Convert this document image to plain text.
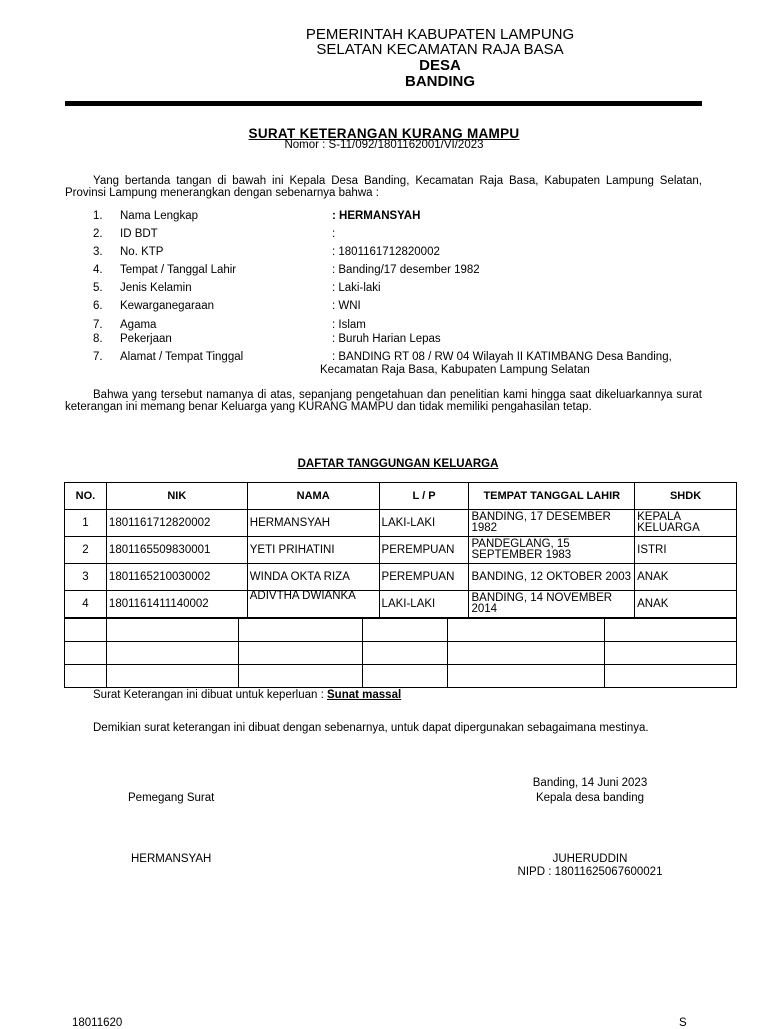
PEMERINTAH KABUPATEN LAMPUNG
SELATAN KECAMATAN RAJA BASA
DESA
BANDING
SURAT KETERANGAN KURANG MAMPU
Nomor : S-11/092/1801162001/VI/2023
Yang bertanda tangan di bawah ini Kepala Desa Banding, Kecamatan Raja Basa, Kabupaten Lampung Selatan, Provinsi Lampung menerangkan dengan sebenarnya bahwa :
1. Nama Lengkap	: HERMANSYAH
2. ID BDT	:
3. No. KTP	: 1801161712820002
4. Tempat / Tanggal Lahir	: Banding/17 desember 1982
5. Jenis Kelamin	: Laki-laki
6. Kewarganegaraan	: WNI
7. Agama	: Islam
8. Pekerjaan	: Buruh Harian Lepas
7. Alamat / Tempat Tinggal	: BANDING RT 08 / RW 04 Wilayah II KATIMBANG Desa Banding,
Kecamatan Raja Basa, Kabupaten Lampung Selatan
Bahwa yang tersebut namanya di atas, sepanjang pengetahuan dan penelitian kami hingga saat dikeluarkannya surat keterangan ini memang benar Keluarga yang KURANG MAMPU dan tidak memiliki pengahasilan tetap.
DAFTAR TANGGUNGAN KELUARGA
NO.	NIK	NAMA	L / P	TEMPAT TANGGAL LAHIR	SHDK
1	1801161712820002	HERMANSYAH	LAKI-LAKI	BANDING, 17 DESEMBER 1982	KEPALA KELUARGA
2	1801165509830001	YETI PRIHATINI	PEREMPUAN	PANDEGLANG, 15 SEPTEMBER 1983	ISTRI
3	1801165210030002	WINDA OKTA RIZA	PEREMPUAN	BANDING, 12 OKTOBER 2003	ANAK
4	1801161411140002	ADIVTHA DWIANKA	LAKI-LAKI	BANDING, 14 NOVEMBER 2014	ANAK

Surat Keterangan ini dibuat untuk keperluan : Sunat massal
Demikian surat keterangan ini dibuat dengan sebenarnya, untuk dapat dipergunakan sebagaimana mestinya.
Banding, 14 Juni 2023
Pemegang Surat	Kepala desa banding
HERMANSYAH	JUHERUDDIN
NIPD : 18011625067600021
18011620	S
